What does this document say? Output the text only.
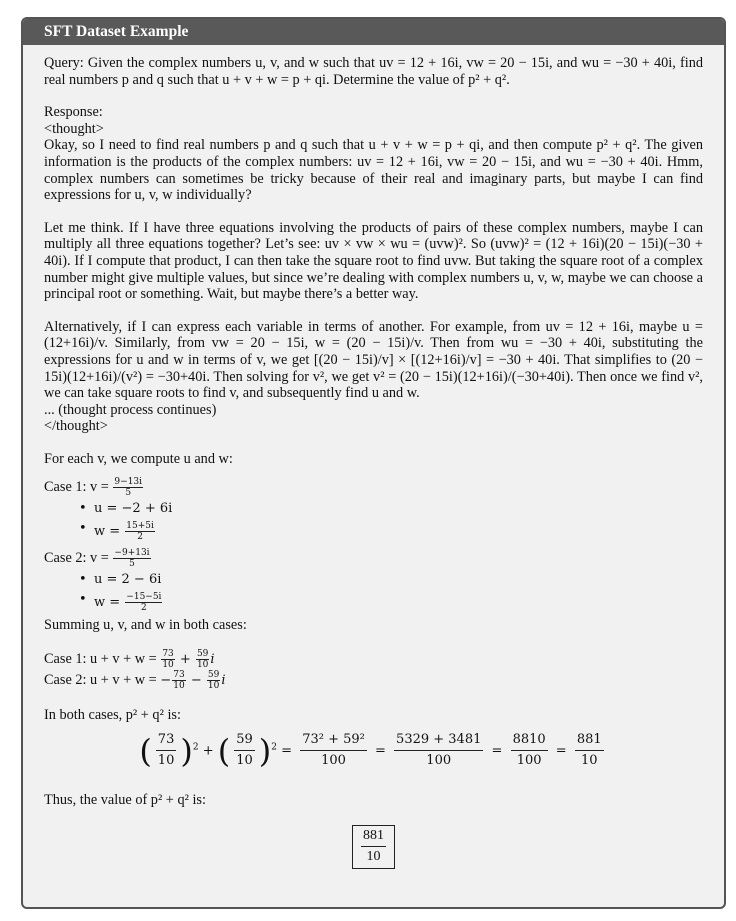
SFT Dataset Example

Query: Given the complex numbers u, v, and w such that uv = 12 + 16i, vw = 20 − 15i, and wu = −30 + 40i, find real numbers p and q such that u + v + w = p + qi. Determine the value of p² + q².

Response:

<thought>

Okay, so I need to find real numbers p and q such that u + v + w = p + qi, and then compute p² + q². The given information is the products of the complex numbers: uv = 12 + 16i, vw = 20 − 15i, and wu = −30 + 40i. Hmm, complex numbers can sometimes be tricky because of their real and imaginary parts, but maybe I can find expressions for u, v, w individually?

Let me think. If I have three equations involving the products of pairs of these complex numbers, maybe I can multiply all three equations together? Let’s see: uv × vw × wu = (uvw)². So (uvw)² = (12 + 16i)(20 − 15i)(−30 + 40i). If I compute that product, I can then take the square root to find uvw. But taking the square root of a complex number might give multiple values, but since we’re dealing with complex numbers u, v, w, maybe we can choose a principal root or something. Wait, but maybe there’s a better way.

Alternatively, if I can express each variable in terms of another. For example, from uv = 12 + 16i, maybe u = (12+16i)/v. Similarly, from vw = 20 − 15i, w = (20 − 15i)/v. Then from wu = −30 + 40i, substituting the expressions for u and w in terms of v, we get [(20 − 15i)/v] × [(12+16i)/v] = −30 + 40i. That simplifies to (20 − 15i)(12+16i)/(v²) = −30+40i. Then solving for v², we get v² = (20 − 15i)(12+16i)/(−30+40i). Then once we find v², we can take square roots to find v, and subsequently find u and w.

... (thought process continues)

</thought>

For each v, we compute u and w:

Case 1: $v = \frac{9-13i}{5}$
• u = −2 + 6i
• $w = \frac{15+5i}{2}$
Case 2: $v = \frac{-9+13i}{5}$
• u = 2 − 6i
• $w = \frac{-15-5i}{2}$

Summing u, v, and w in both cases:

Case 1: $u + v + w = \frac{73}{10} + \frac{59}{10}$ i
Case 2: u + v + w = − $\frac{73}{10} - \frac{59}{10}$ i

In both cases, p² + q² is:

( $\frac{73}{10} )^2$ + ( $\frac{59}{10} )^2 = \frac{\text{73² + 59²}}{100} = \frac{5329 + 3481}{100} = \frac{8810}{100} = \frac{881}{10}$

Thus, the value of p² + q² is:

$\frac{881}{10}$
